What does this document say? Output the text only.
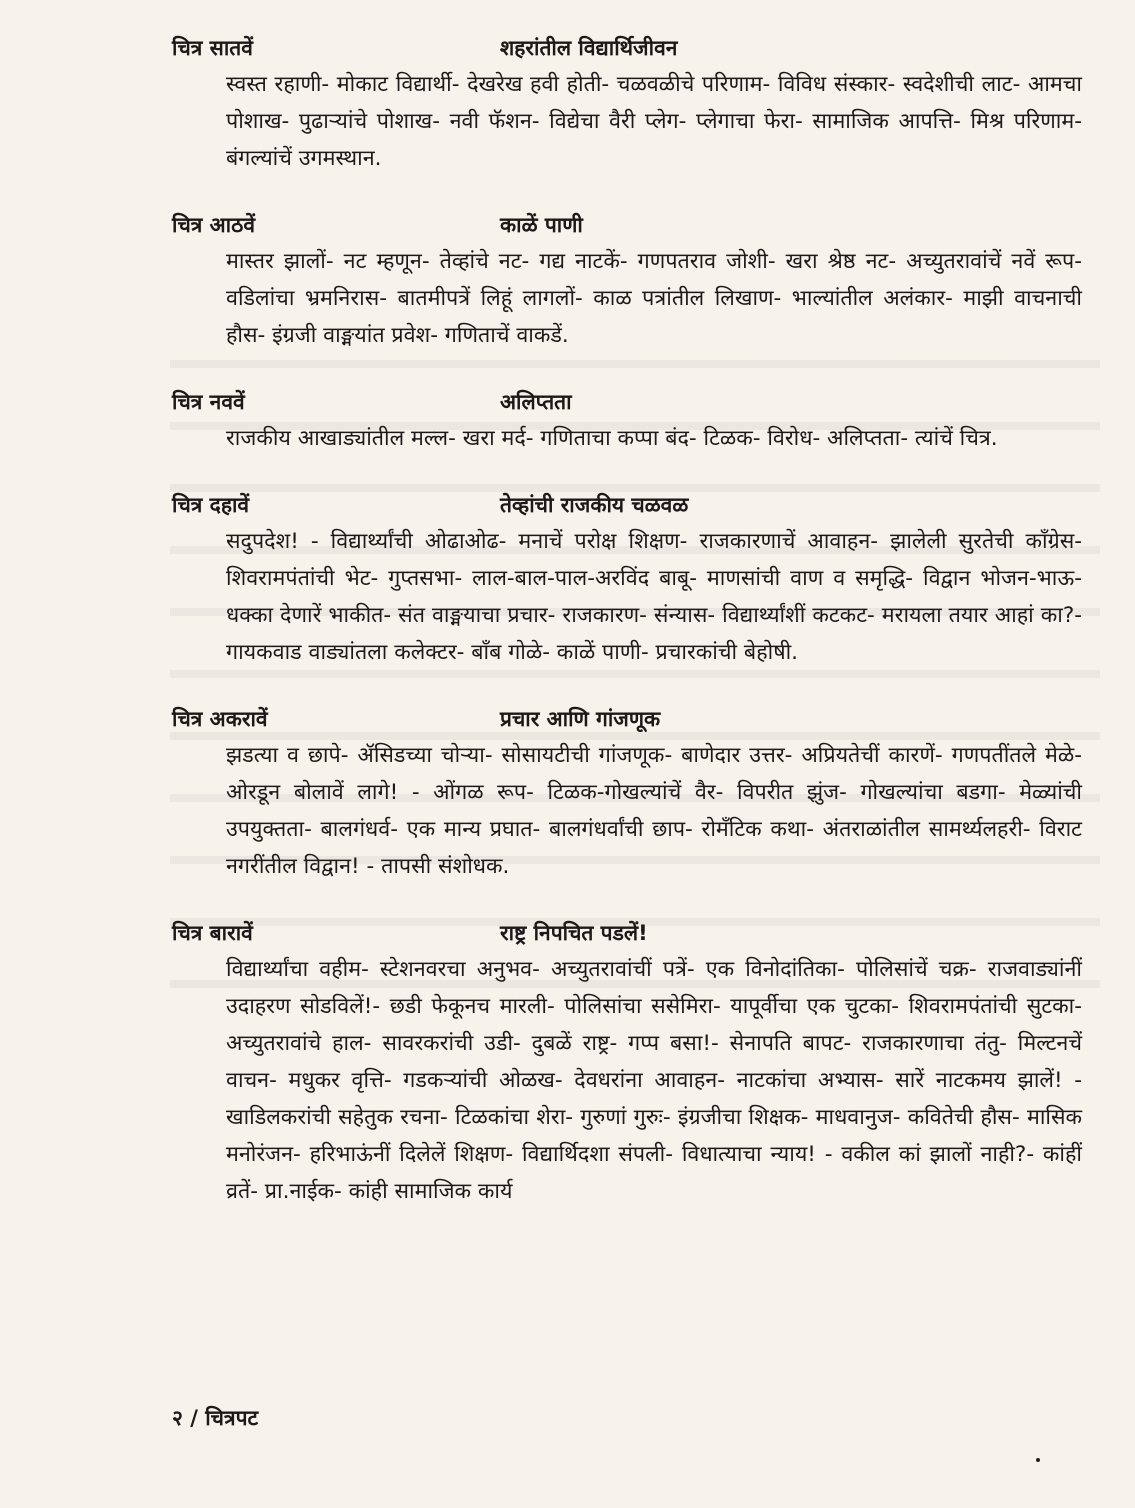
चित्र सातवें	शहरांतील विद्यार्थिजीवन
स्वस्त रहाणी- मोकाट विद्यार्थी- देखरेख हवी होती- चळवळीचे परिणाम- विविध संस्कार- स्वदेशीची लाट- आमचा पोशाख- पुढाऱ्यांचे पोशाख- नवी फॅशन- विद्येचा वैरी प्लेग- प्लेगाचा फेरा- सामाजिक आपत्ति- मिश्र परिणाम- बंगल्यांचें उगमस्थान.
चित्र आठवें	काळें पाणी
मास्तर झालों- नट म्हणून- तेव्हांचे नट- गद्य नाटकें- गणपतराव जोशी- खरा श्रेष्ठ नट- अच्युतरावांचें नवें रूप- वडिलांचा भ्रमनिरास- बातमीपत्रें लिहूं लागलों- काळ पत्रांतील लिखाण- भाल्यांतील अलंकार- माझी वाचनाची हौस- इंग्रजी वाङ्मयांत प्रवेश- गणिताचें वाकडें.
चित्र नववें	अलिप्तता
राजकीय आखाड्यांतील मल्ल- खरा मर्द- गणिताचा कप्पा बंद- टिळक- विरोध- अलिप्तता- त्यांचें चित्र.
चित्र दहावें	तेव्हांची राजकीय चळवळ
सदुपदेश! - विद्यार्थ्यांची ओढाओढ- मनाचें परोक्ष शिक्षण- राजकारणाचें आवाहन- झालेली सुरतेची कॉंग्रेस- शिवरामपंतांची भेट- गुप्तसभा- लाल-बाल-पाल-अरविंद बाबू- माणसांची वाण व समृद्धि- विद्वान भोजन-भाऊ- धक्का देणारें भाकीत- संत वाङ्मयाचा प्रचार- राजकारण- संन्यास- विद्यार्थ्यांशीं कटकट- मरायला तयार आहां का?- गायकवाड वाड्यांतला कलेक्टर- बॉंब गोळे- काळें पाणी- प्रचारकांची बेहोषी.
चित्र अकरावें	प्रचार आणि गांजणूक
झडत्या व छापे- ॲसिडच्या चोऱ्या- सोसायटीची गांजणूक- बाणेदार उत्तर- अप्रियतेचीं कारणें- गणपतींतले मेळे- ओरडून बोलावें लागे! - ओंगळ रूप- टिळक-गोखल्यांचें वैर- विपरीत झुंज- गोखल्यांचा बडगा- मेळ्यांची उपयुक्तता- बालगंधर्व- एक मान्य प्रघात- बालगंधर्वांची छाप- रोमॅंटिक कथा- अंतराळांतील सामर्थ्यलहरी- विराट नगरींतील विद्वान! - तापसी संशोधक.
चित्र बारावें	राष्ट्र निपचित पडलें!
विद्यार्थ्यांचा वहीम- स्टेशनवरचा अनुभव- अच्युतरावांचीं पत्रें- एक विनोदांतिका- पोलिसांचें चक्र- राजवाड्यांनीं उदाहरण सोडविलें!- छडी फेकूनच मारली- पोलिसांचा ससेमिरा- यापूर्वीचा एक चुटका- शिवरामपंतांची सुटका- अच्युतरावांचे हाल- सावरकरांची उडी- दुबळें राष्ट्र- गप्प बसा!- सेनापति बापट- राजकारणाचा तंतु- मिल्टनचें वाचन- मधुकर वृत्ति- गडकऱ्यांची ओळख- देवधरांना आवाहन- नाटकांचा अभ्यास- सारें नाटकमय झालें! - खाडिलकरांची सहेतुक रचना- टिळकांचा शेरा- गुरुणां गुरुः- इंग्रजीचा शिक्षक- माधवानुज- कवितेची हौस- मासिक मनोरंजन- हरिभाऊंनीं दिलेलें शिक्षण- विद्यार्थिदशा संपली- विधात्याचा न्याय! - वकील कां झालों नाही?- कांहीं व्रतें- प्रा.नाईक- कांही सामाजिक कार्य
२ / चित्रपट
